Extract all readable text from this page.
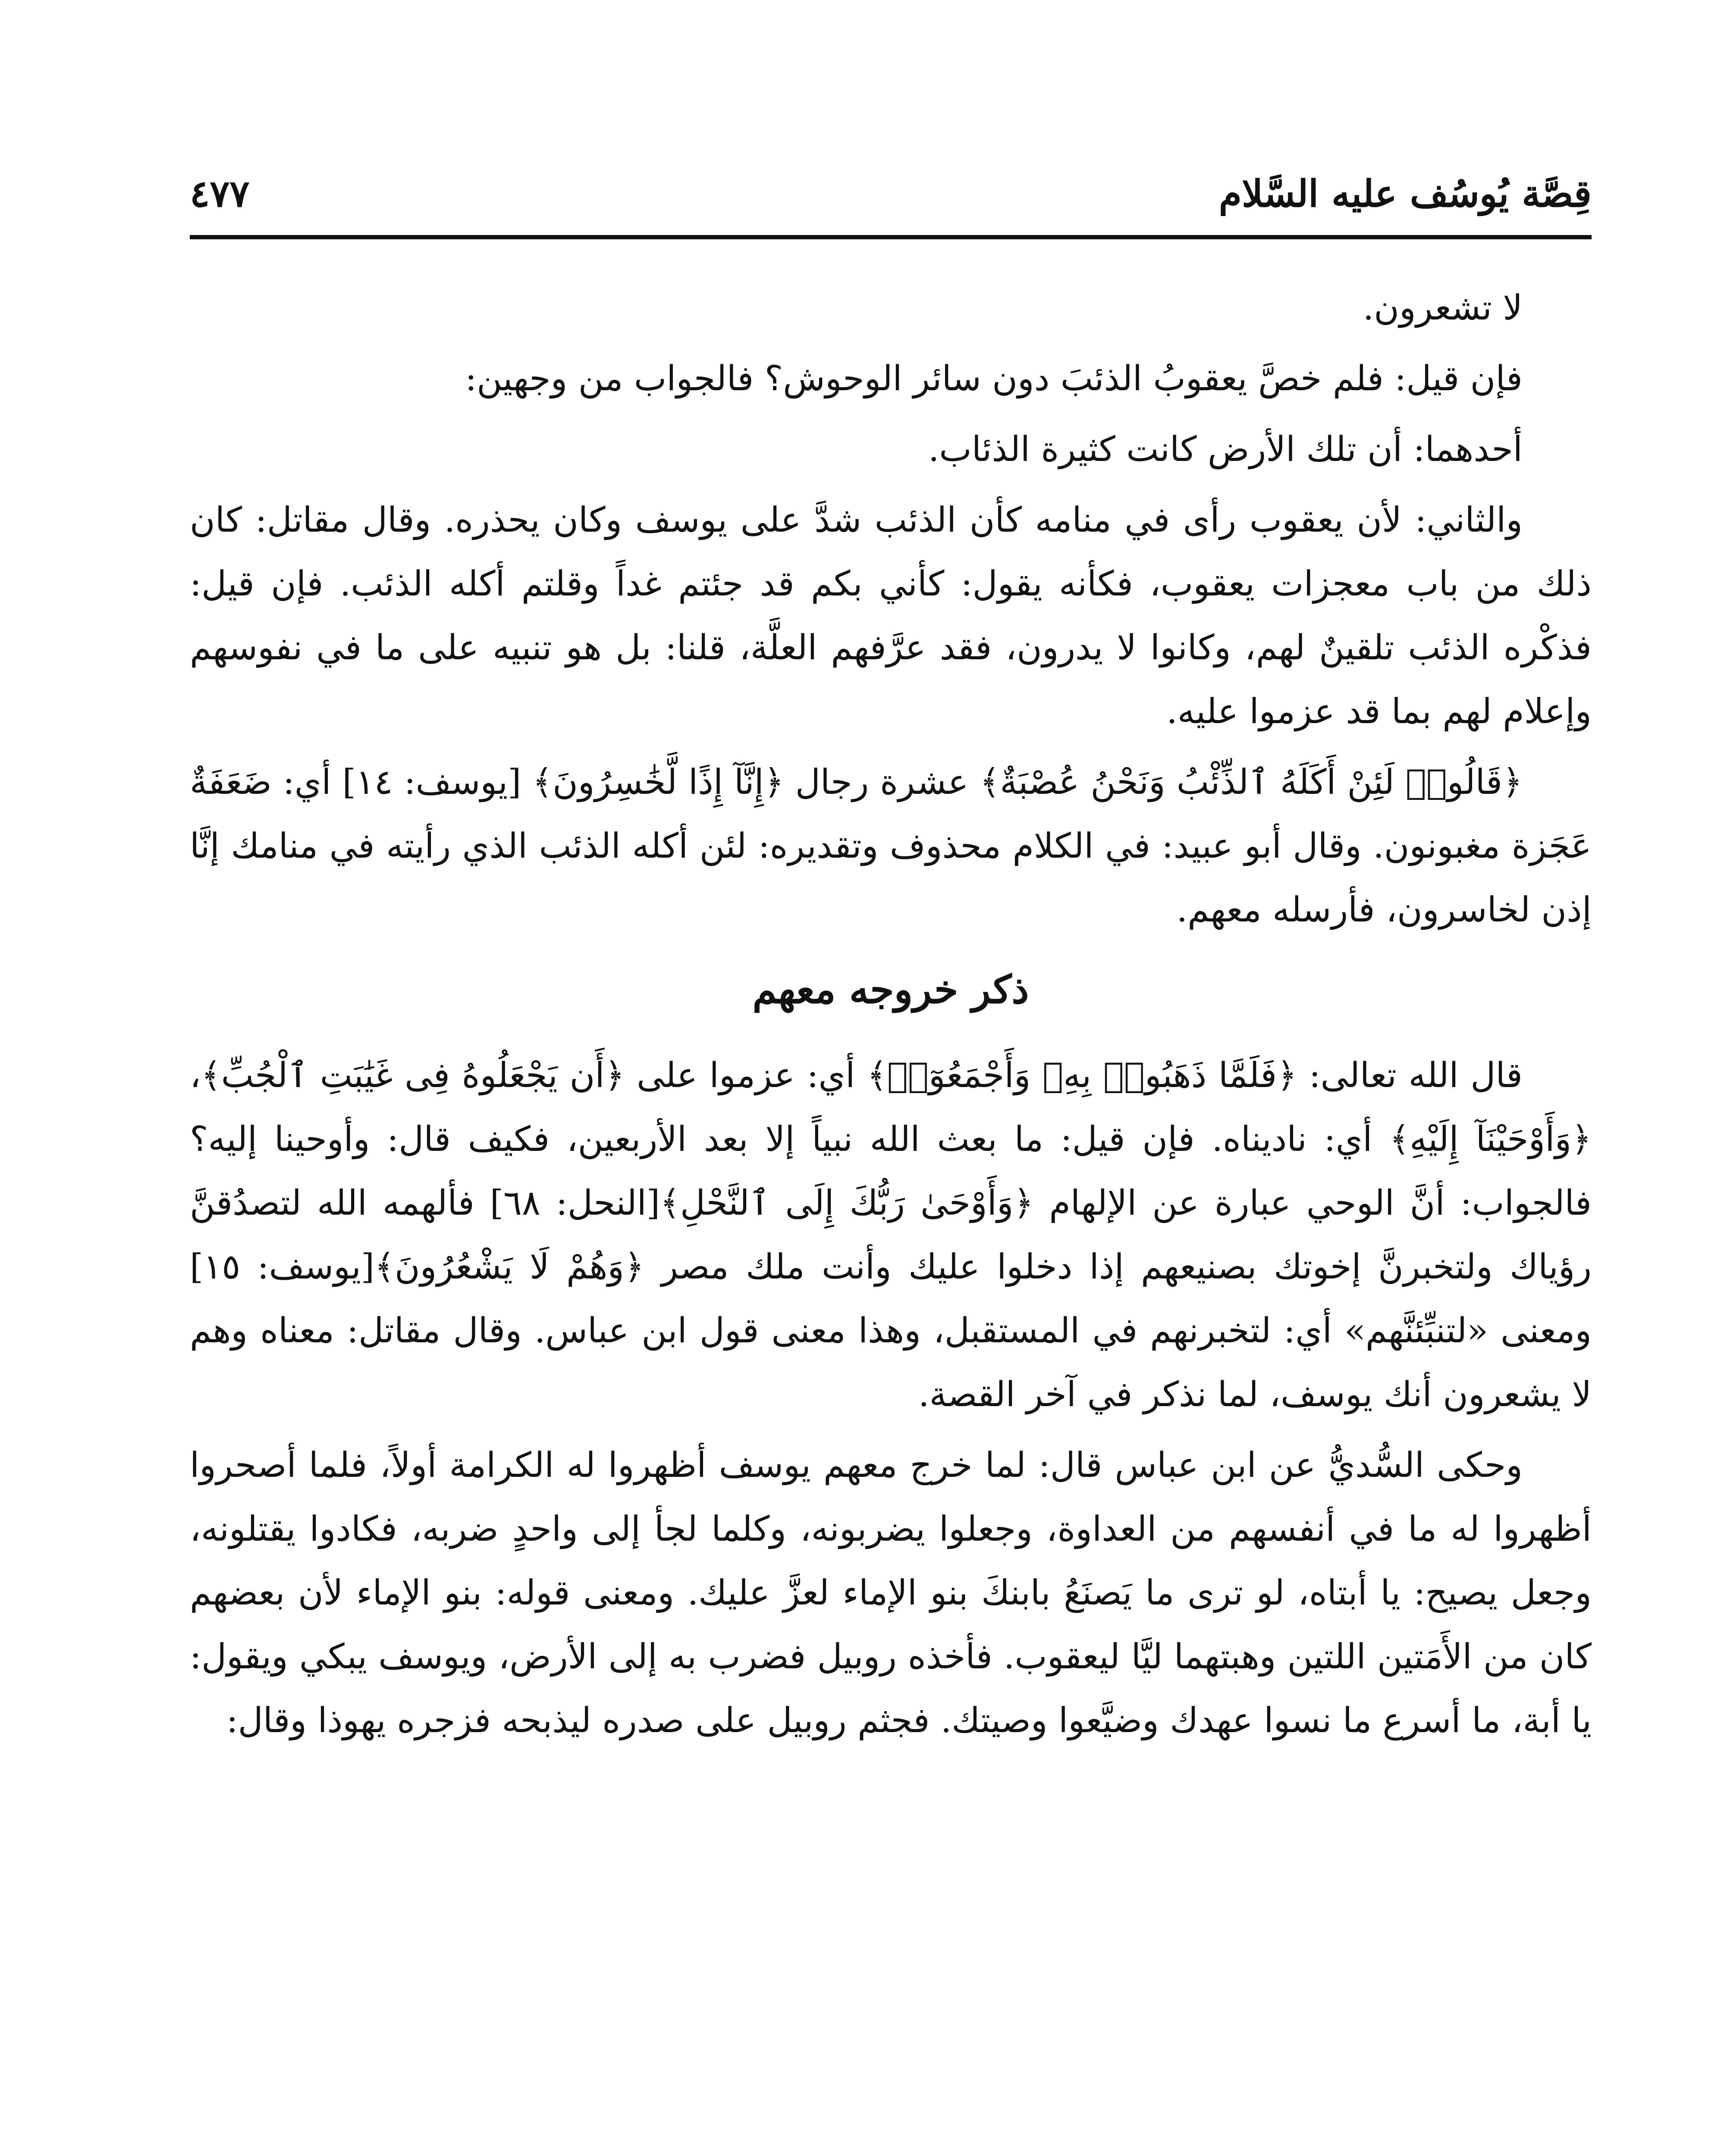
قِصَّة يُوسُف عليه السَّلام
٤٧٧

لا تشعرون.

فإن قيل: فلم خصَّ يعقوبُ الذئبَ دون سائر الوحوش؟ فالجواب من وجهين:

أحدهما: أن تلك الأرض كانت كثيرة الذئاب.

والثاني: لأن يعقوب رأى في منامه كأن الذئب شدَّ على يوسف وكان يحذره. وقال مقاتل: كان ذلك من باب معجزات يعقوب، فكأنه يقول: كأني بكم قد جئتم غداً وقلتم أكله الذئب. فإن قيل: فذكْره الذئب تلقينٌ لهم، وكانوا لا يدرون، فقد عرَّفهم العلَّة، قلنا: بل هو تنبيه على ما في نفوسهم وإعلام لهم بما قد عزموا عليه.

﴿قَالُوا۟ لَئِنْ أَكَلَهُ ٱلذِّئْبُ وَنَحْنُ عُصْبَةٌ﴾ عشرة رجال ﴿إِنَّآ إِذًا لَّخَٰسِرُونَ﴾ [يوسف: ١٤] أي: ضَعَفَةٌ عَجَزة مغبونون. وقال أبو عبيد: في الكلام محذوف وتقديره: لئن أكله الذئب الذي رأيته في منامك إنَّا إذن لخاسرون، فأرسله معهم.

ذكر خروجه معهم

قال الله تعالى: ﴿فَلَمَّا ذَهَبُوا۟ بِهِۦ وَأَجْمَعُوٓا۟﴾ أي: عزموا على ﴿أَن يَجْعَلُوهُ فِى غَيَٰبَتِ ٱلْجُبِّ﴾، ﴿وَأَوْحَيْنَآ إِلَيْهِ﴾ أي: ناديناه. فإن قيل: ما بعث الله نبياً إلا بعد الأربعين، فكيف قال: وأوحينا إليه؟ فالجواب: أنَّ الوحي عبارة عن الإلهام ﴿وَأَوْحَىٰ رَبُّكَ إِلَى ٱلنَّحْلِ﴾[النحل: ٦٨] فألهمه الله لتصدُقنَّ رؤياك ولتخبرنَّ إخوتك بصنيعهم إذا دخلوا عليك وأنت ملك مصر ﴿وَهُمْ لَا يَشْعُرُونَ﴾[يوسف: ١٥] ومعنى «لتنبِّئنَّهم» أي: لتخبرنهم في المستقبل، وهذا معنى قول ابن عباس. وقال مقاتل: معناه وهم لا يشعرون أنك يوسف، لما نذكر في آخر القصة.

وحكى السُّديُّ عن ابن عباس قال: لما خرج معهم يوسف أظهروا له الكرامة أولاً، فلما أصحروا أظهروا له ما في أنفسهم من العداوة، وجعلوا يضربونه، وكلما لجأ إلى واحدٍ ضربه، فكادوا يقتلونه، وجعل يصيح: يا أبتاه، لو ترى ما يَصنَعُ بابنكَ بنو الإماء لعزَّ عليك. ومعنى قوله: بنو الإماء لأن بعضهم كان من الأَمَتين اللتين وهبتهما ليَّا ليعقوب. فأخذه روبيل فضرب به إلى الأرض، ويوسف يبكي ويقول: يا أبة، ما أسرع ما نسوا عهدك وضيَّعوا وصيتك. فجثم روبيل على صدره ليذبحه فزجره يهوذا وقال:
